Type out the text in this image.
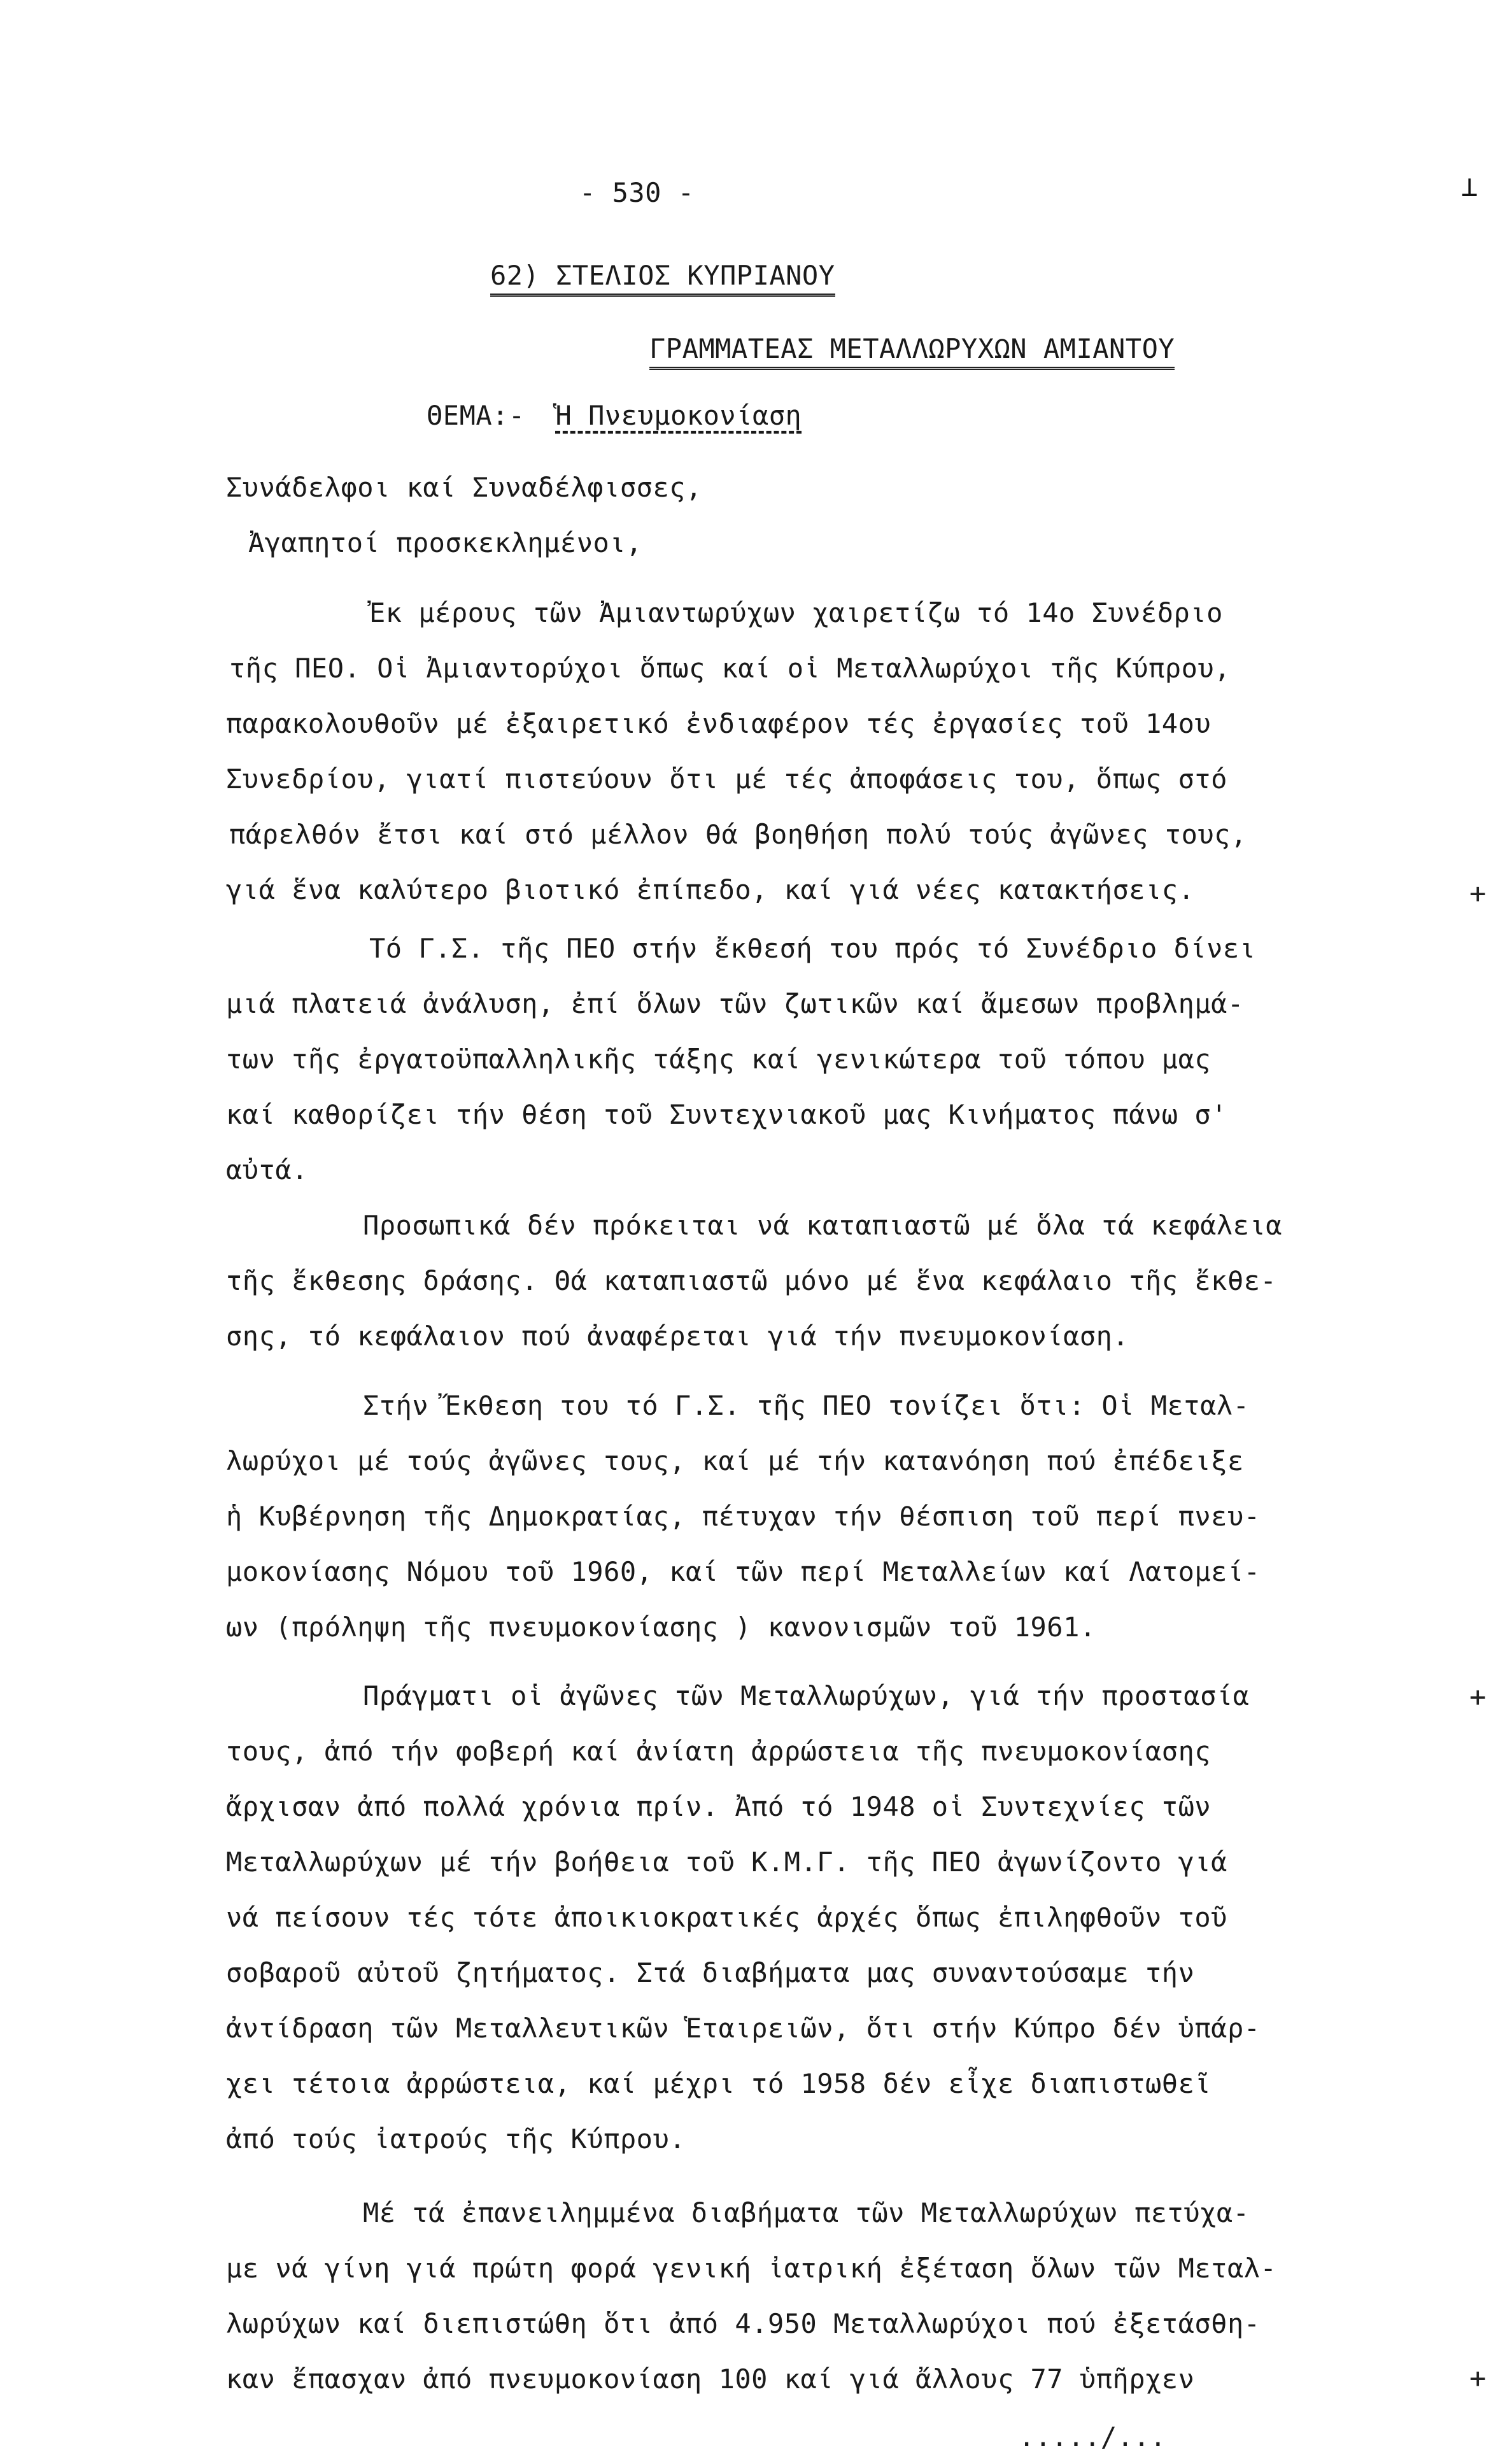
⊥
- 530 -
62) ΣΤΕΛΙΟΣ ΚΥΠΡΙΑΝΟΥ
ΓΡΑΜΜΑΤΕΑΣ ΜΕΤΑΛΛΩΡΥΧΩΝ ΑΜΙΑΝΤΟΥ
ΘΕΜΑ:- Ἡ Πνευμοκονίαση
Συνάδελφοι καί Συναδέλφισσες,
Ἀγαπητοί προσκεκλημένοι,
Ἐκ μέρους τῶν Ἀμιαντωρύχων χαιρετίζω τό 14ο Συνέδριο
τῆς ΠΕΟ. Οἱ Ἀμιαντορύχοι ὅπως καί οἱ Μεταλλωρύχοι τῆς Κύπρου,
παρακολουθοῦν μέ ἐξαιρετικό ἐνδιαφέρον τές ἐργασίες τοῦ 14ου
Συνεδρίου, γιατί πιστεύουν ὅτι μέ τές ἀποφάσεις του, ὅπως στό
πάρελθόν ἔτσι καί στό μέλλον θά βοηθήση πολύ τούς ἀγῶνες τους,
γιά ἕνα καλύτερο βιοτικό ἐπίπεδο, καί γιά νέες κατακτήσεις.
Τό Γ.Σ. τῆς ΠΕΟ στήν ἔκθεσή του πρός τό Συνέδριο δίνει
μιά πλατειά ἀνάλυση, ἐπί ὅλων τῶν ζωτικῶν καί ἄμεσων προβλημά-
των τῆς ἐργατοϋπαλληλικῆς τάξης καί γενικώτερα τοῦ τόπου μας
καί καθορίζει τήν θέση τοῦ Συντεχνιακοῦ μας Κινήματος πάνω σ'
αὐτά.
Προσωπικά δέν πρόκειται νά καταπιαστῶ μέ ὅλα τά κεφάλεια
τῆς ἔκθεσης δράσης. Θά καταπιαστῶ μόνο μέ ἕνα κεφάλαιο τῆς ἔκθε-
σης, τό κεφάλαιον πού ἀναφέρεται γιά τήν πνευμοκονίαση.
Στήν Ἔκθεση του τό Γ.Σ. τῆς ΠΕΟ τονίζει ὅτι: Οἱ Μεταλ-
λωρύχοι μέ τούς ἀγῶνες τους, καί μέ τήν κατανόηση πού ἐπέδειξε
ἡ Κυβέρνηση τῆς Δημοκρατίας, πέτυχαν τήν θέσπιση τοῦ περί πνευ-
μοκονίασης Νόμου τοῦ 1960, καί τῶν περί Μεταλλείων καί Λατομεί-
ων (πρόληψη τῆς πνευμοκονίασης ) κανονισμῶν τοῦ 1961.
Πράγματι οἱ ἀγῶνες τῶν Μεταλλωρύχων, γιά τήν προστασία
τους, ἀπό τήν φοβερή καί ἀνίατη ἀρρώστεια τῆς πνευμοκονίασης
ἄρχισαν ἀπό πολλά χρόνια πρίν. Ἀπό τό 1948 οἱ Συντεχνίες τῶν
Μεταλλωρύχων μέ τήν βοήθεια τοῦ Κ.Μ.Γ. τῆς ΠΕΟ ἀγωνίζοντο γιά
νά πείσουν τές τότε ἀποικιοκρατικές ἀρχές ὅπως ἐπιληφθοῦν τοῦ
σοβαροῦ αὐτοῦ ζητήματος. Στά διαβήματα μας συναντούσαμε τήν
ἀντίδραση τῶν Μεταλλευτικῶν Ἑταιρειῶν, ὅτι στήν Κύπρο δέν ὑπάρ-
χει τέτοια ἀρρώστεια, καί μέχρι τό 1958 δέν εἶχε διαπιστωθεῖ
ἀπό τούς ἰατρούς τῆς Κύπρου.
Μέ τά ἐπανειλημμένα διαβήματα τῶν Μεταλλωρύχων πετύχα-
με νά γίνη γιά πρώτη φορά γενική ἰατρική ἐξέταση ὅλων τῶν Μεταλ-
λωρύχων καί διεπιστώθη ὅτι ἀπό 4.950 Μεταλλωρύχοι πού ἐξετάσθη-
καν ἔπασχαν ἀπό πνευμοκονίαση 100 καί γιά ἄλλους 77 ὑπῆρχεν
...../...
+
+
+
